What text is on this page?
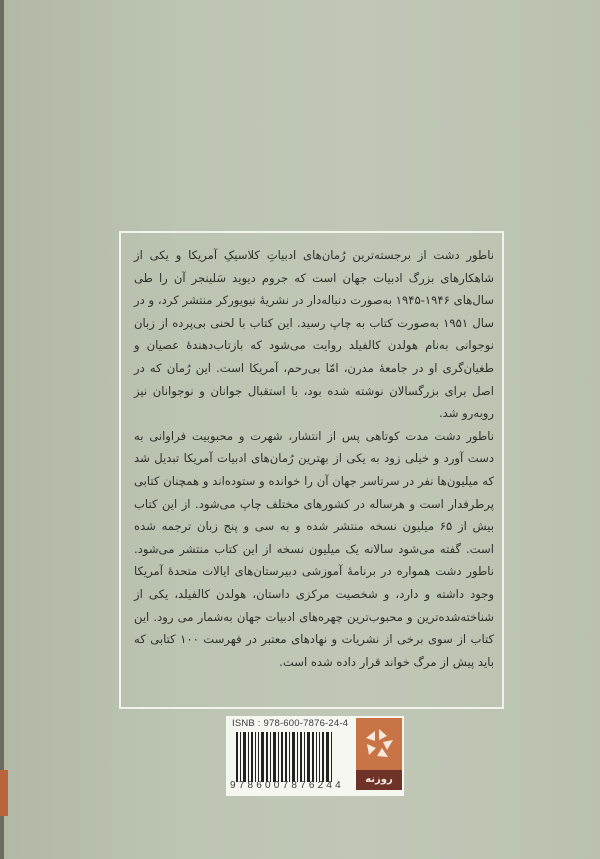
ناطور دشت از برجسته‌ترین رُمان‌های ادبیاتِ کلاسیکِ آمریکا و یکی از شاهکارهای بزرگ ادبیات جهان است که جروم دیوید سَلینجر آن را طی سال‌های ۱۹۴۶-۱۹۴۵ به‌صورت دنباله‌دار در نشریهٔ نیویورکر منتشر کرد، و در سال ۱۹۵۱ به‌صورت کتاب به چاپ رسید. این کتاب با لحنی بی‌پرده از زبان نوجوانی به‌نام هولدن کالفیلد روایت می‌شود که بازتاب‌دهندهٔ عصیان و طغیان‌گری او در جامعهٔ مدرن، امّا بی‌رحم، آمریکا است. این رُمان که در اصل برای بزرگسالان نوشته شده بود، با استقبال جوانان و نوجوانان نیز روبه‌رو شد.

ناطور دشت مدت کوتاهی پس از انتشار، شهرت و محبوبیت فراوانی به دست آورد و خیلی زود به یکی از بهترین رُمان‌های ادبیات آمریکا تبدیل شد که میلیون‌ها نفر در سرتاسر جهان آن را خوانده و ستوده‌اند و همچنان کتابی پرطرفدار است و هرساله در کشورهای مختلف چاپ می‌شود. از این کتاب بیش از ۶۵ میلیون نسخه منتشر شده و به سی و پنج زبان ترجمه شده است. گفته می‌شود سالانه یک میلیون نسخه از این کتاب منتشر می‌شود. ناطور دشت همواره در برنامهٔ آموزشی دبیرستان‌های ایالات متحدهٔ آمریکا وجود داشته و دارد، و شخصیت مرکزی داستان، هولدن کالفیلد، یکی از شناخته‌شده‌ترین و محبوب‌ترین چهره‌های ادبیات جهان به‌شمار می رود. این کتاب از سوی برخی از نشریات و نهادهای معتبر در فهرست ۱۰۰ کتابی که باید پیش از مرگ خواند قرار داده شده است.

ISNB : 978-600-7876-24-4
9786007876244
روزنه
